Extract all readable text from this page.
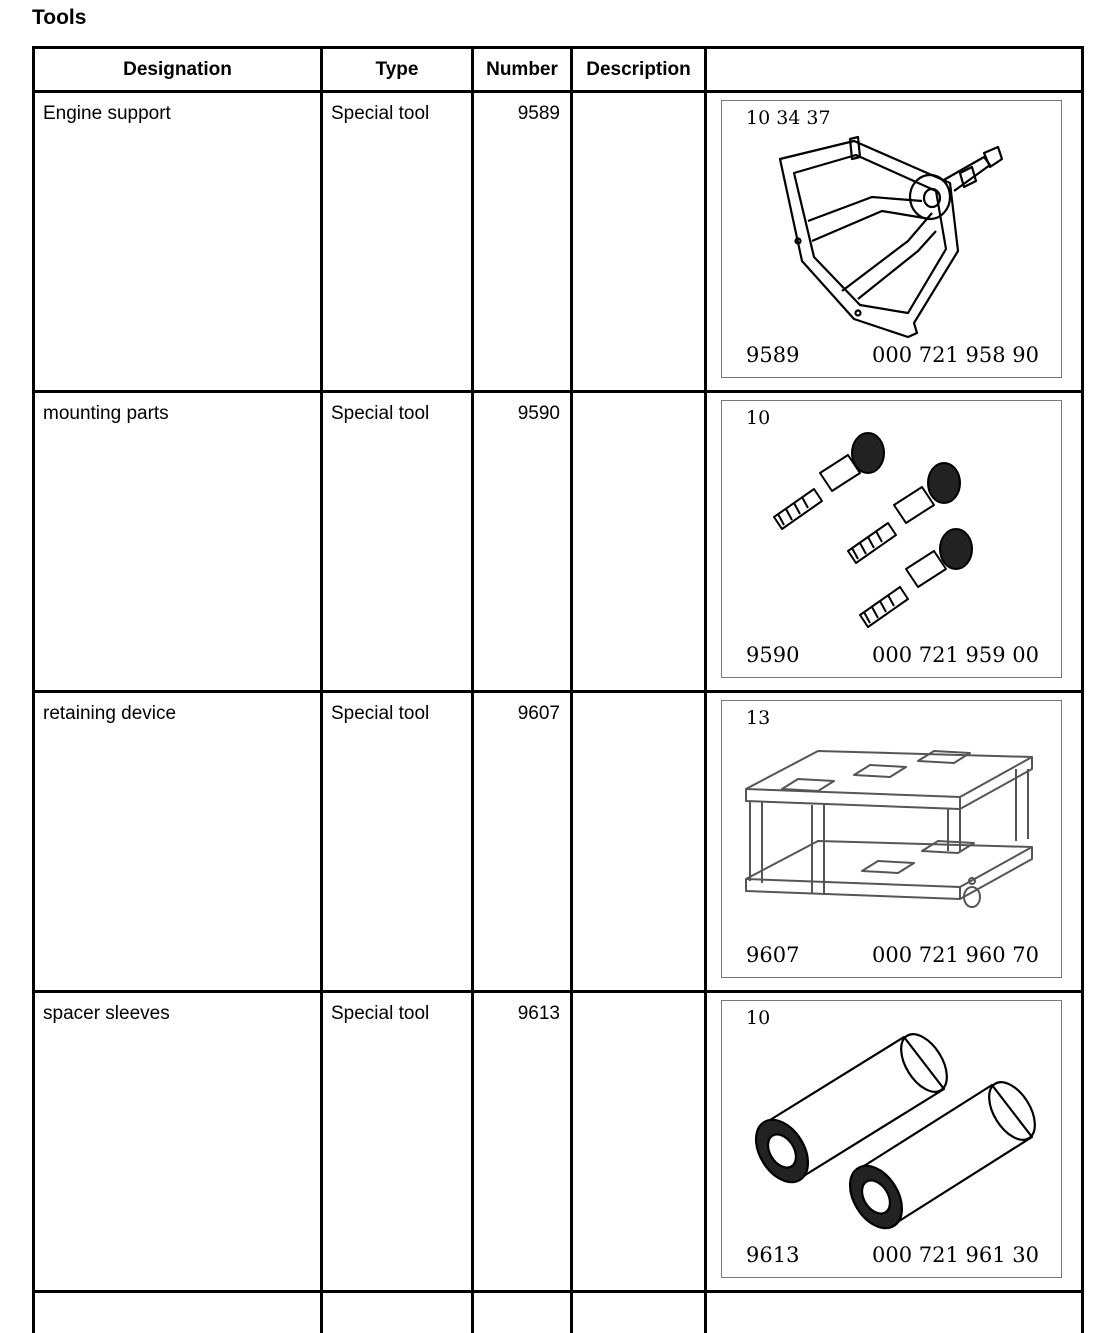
Tools
Designation	Type	Number	Description	
Engine support	Special tool	9589		10 34 37
9589 000 721 958 90

mounting parts	Special tool	9590		10
9590 000 721 959 00

retaining device	Special tool	9607		13
9607 000 721 960 70

spacer sleeves	Special tool	9613		10
9613 000 721 961 30
